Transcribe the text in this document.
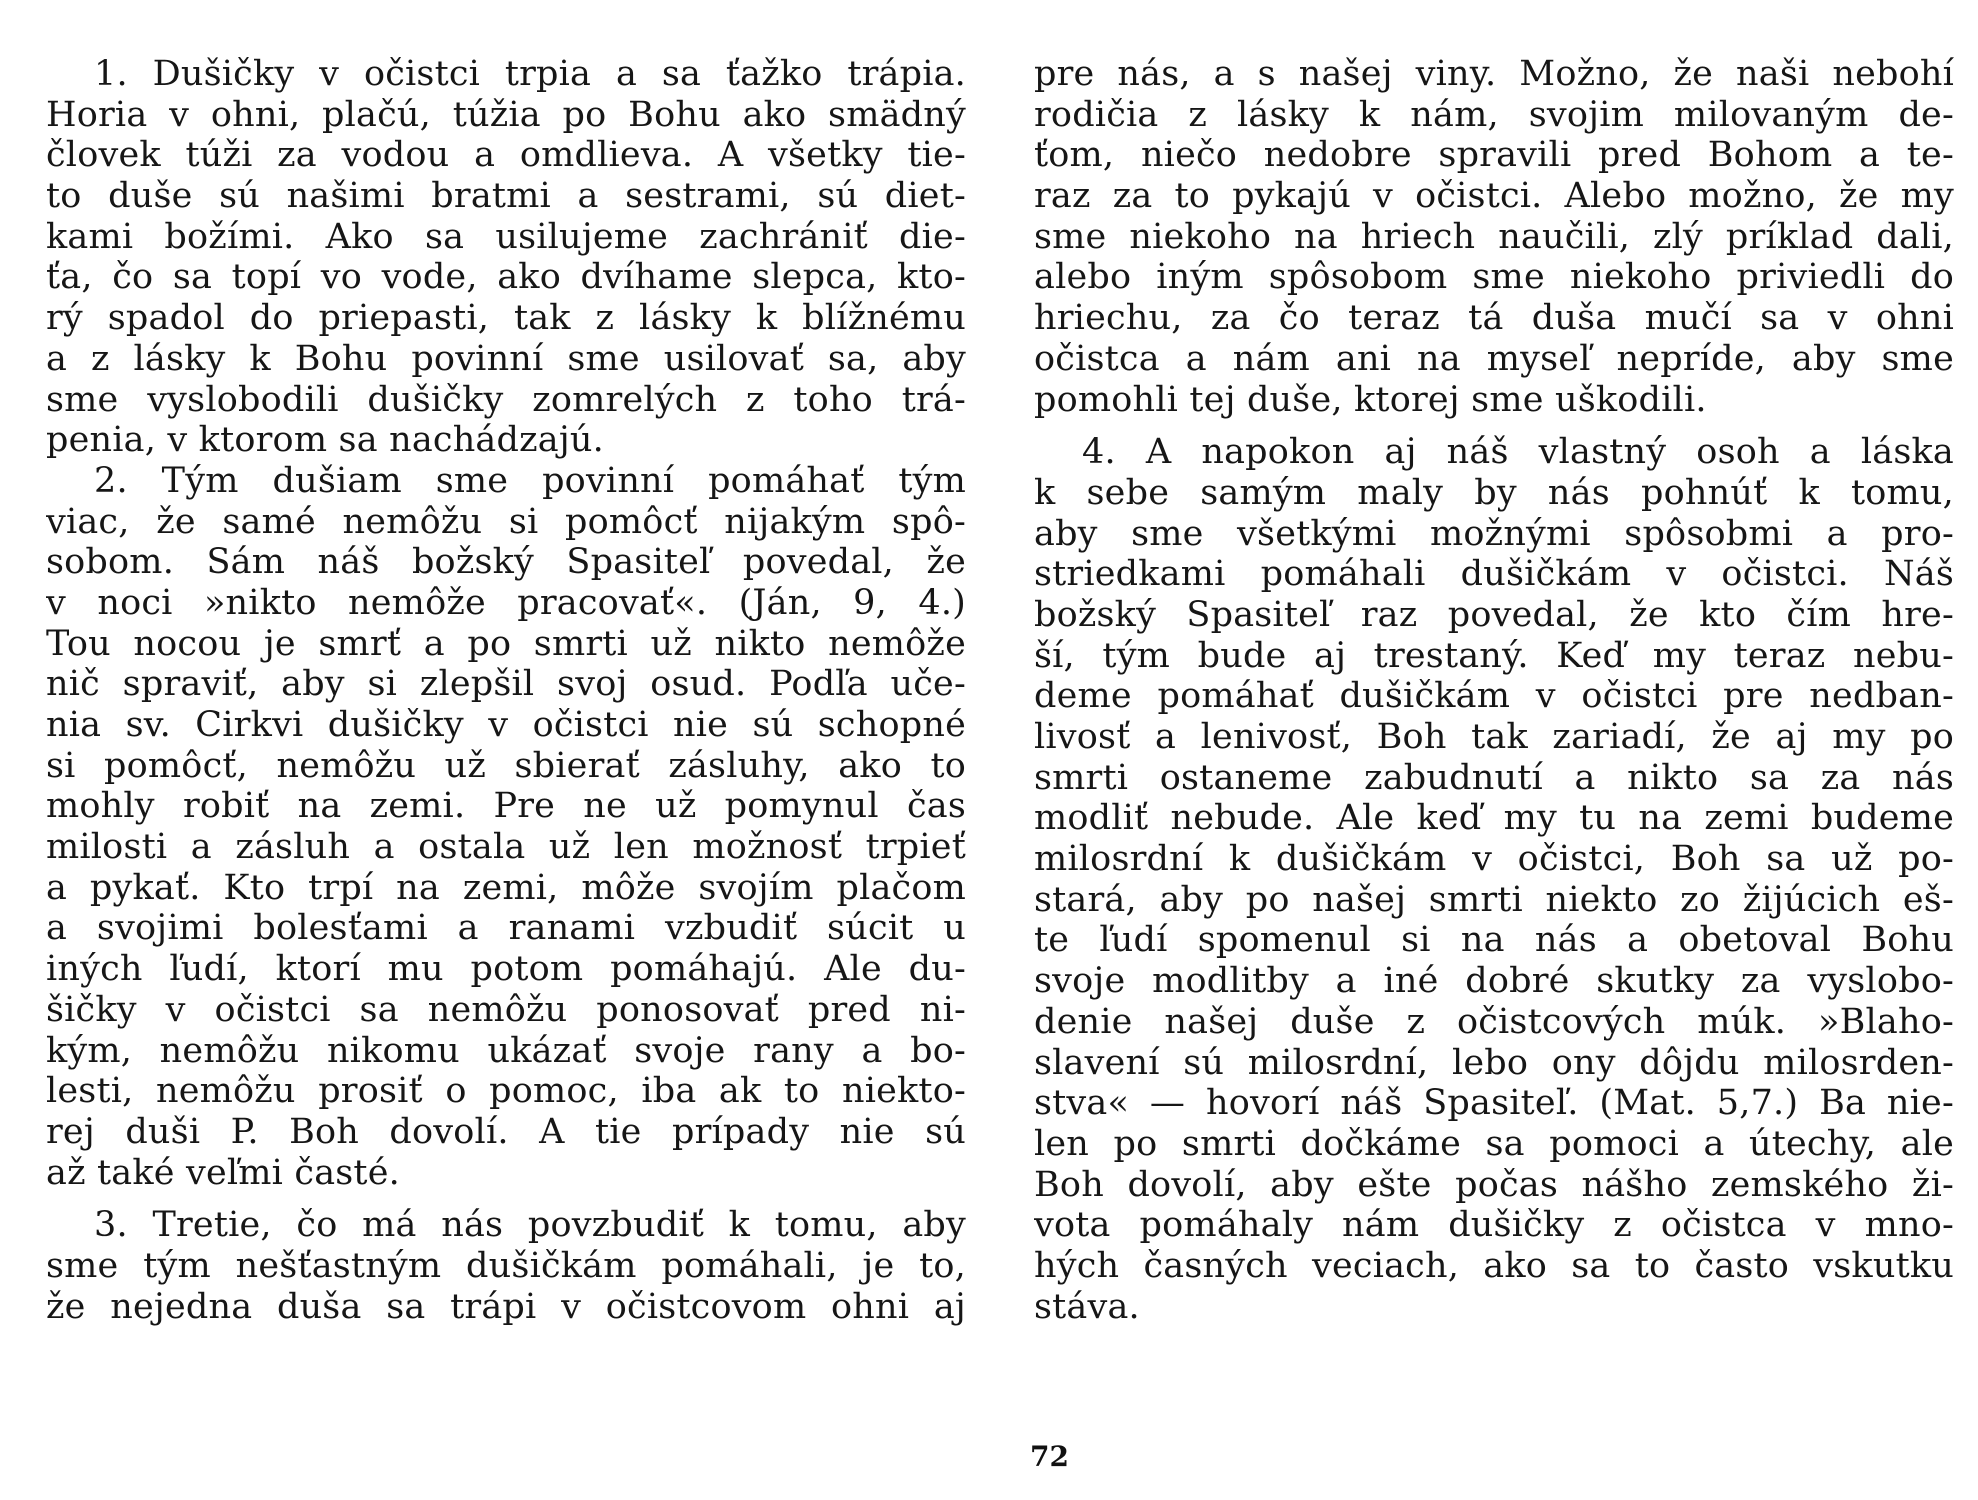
1. Dušičky v očistci trpia a sa ťažko trápia.
Horia v ohni, plačú, túžia po Bohu ako smädný
človek túži za vodou a omdlieva. A všetky tie-
to duše sú našimi bratmi a sestrami, sú diet-
kami božími. Ako sa usilujeme zachrániť die-
ťa, čo sa topí vo vode, ako dvíhame slepca, kto-
rý spadol do priepasti, tak z lásky k blížnému
a z lásky k Bohu povinní sme usilovať sa, aby
sme vyslobodili dušičky zomrelých z toho trá-
penia, v ktorom sa nachádzajú.
2. Tým dušiam sme povinní pomáhať tým
viac, že samé nemôžu si pomôcť nijakým spô-
sobom. Sám náš božský Spasiteľ povedal, že
v noci »nikto nemôže pracovať«. (Ján, 9, 4.)
Tou nocou je smrť a po smrti už nikto nemôže
nič spraviť, aby si zlepšil svoj osud. Podľa uče-
nia sv. Cirkvi dušičky v očistci nie sú schopné
si pomôcť, nemôžu už sbierať zásluhy, ako to
mohly robiť na zemi. Pre ne už pomynul čas
milosti a zásluh a ostala už len možnosť trpieť
a pykať. Kto trpí na zemi, môže svojím plačom
a svojimi bolesťami a ranami vzbudiť súcit u
iných ľudí, ktorí mu potom pomáhajú. Ale du-
šičky v očistci sa nemôžu ponosovať pred ni-
kým, nemôžu nikomu ukázať svoje rany a bo-
lesti, nemôžu prosiť o pomoc, iba ak to niekto-
rej duši P. Boh dovolí. A tie prípady nie sú
až také veľmi časté.
3. Tretie, čo má nás povzbudiť k tomu, aby
sme tým nešťastným dušičkám pomáhali, je to,
že nejedna duša sa trápi v očistcovom ohni aj
pre nás, a s našej viny. Možno, že naši nebohí
rodičia z lásky k nám, svojim milovaným de-
ťom, niečo nedobre spravili pred Bohom a te-
raz za to pykajú v očistci. Alebo možno, že my
sme niekoho na hriech naučili, zlý príklad dali,
alebo iným spôsobom sme niekoho priviedli do
hriechu, za čo teraz tá duša mučí sa v ohni
očistca a nám ani na myseľ nepríde, aby sme
pomohli tej duše, ktorej sme uškodili.
4. A napokon aj náš vlastný osoh a láska
k sebe samým maly by nás pohnúť k tomu,
aby sme všetkými možnými spôsobmi a pro-
striedkami pomáhali dušičkám v očistci. Náš
božský Spasiteľ raz povedal, že kto čím hre-
ší, tým bude aj trestaný. Keď my teraz nebu-
deme pomáhať dušičkám v očistci pre nedban-
livosť a lenivosť, Boh tak zariadí, že aj my po
smrti ostaneme zabudnutí a nikto sa za nás
modliť nebude. Ale keď my tu na zemi budeme
milosrdní k dušičkám v očistci, Boh sa už po-
stará, aby po našej smrti niekto zo žijúcich eš-
te ľudí spomenul si na nás a obetoval Bohu
svoje modlitby a iné dobré skutky za vyslobo-
denie našej duše z očistcových múk. »Blaho-
slavení sú milosrdní, lebo ony dôjdu milosrden-
stva« — hovorí náš Spasiteľ. (Mat. 5,7.) Ba nie-
len po smrti dočkáme sa pomoci a útechy, ale
Boh dovolí, aby ešte počas nášho zemského ži-
vota pomáhaly nám dušičky z očistca v mno-
hých časných veciach, ako sa to často vskutku
stáva.
72
